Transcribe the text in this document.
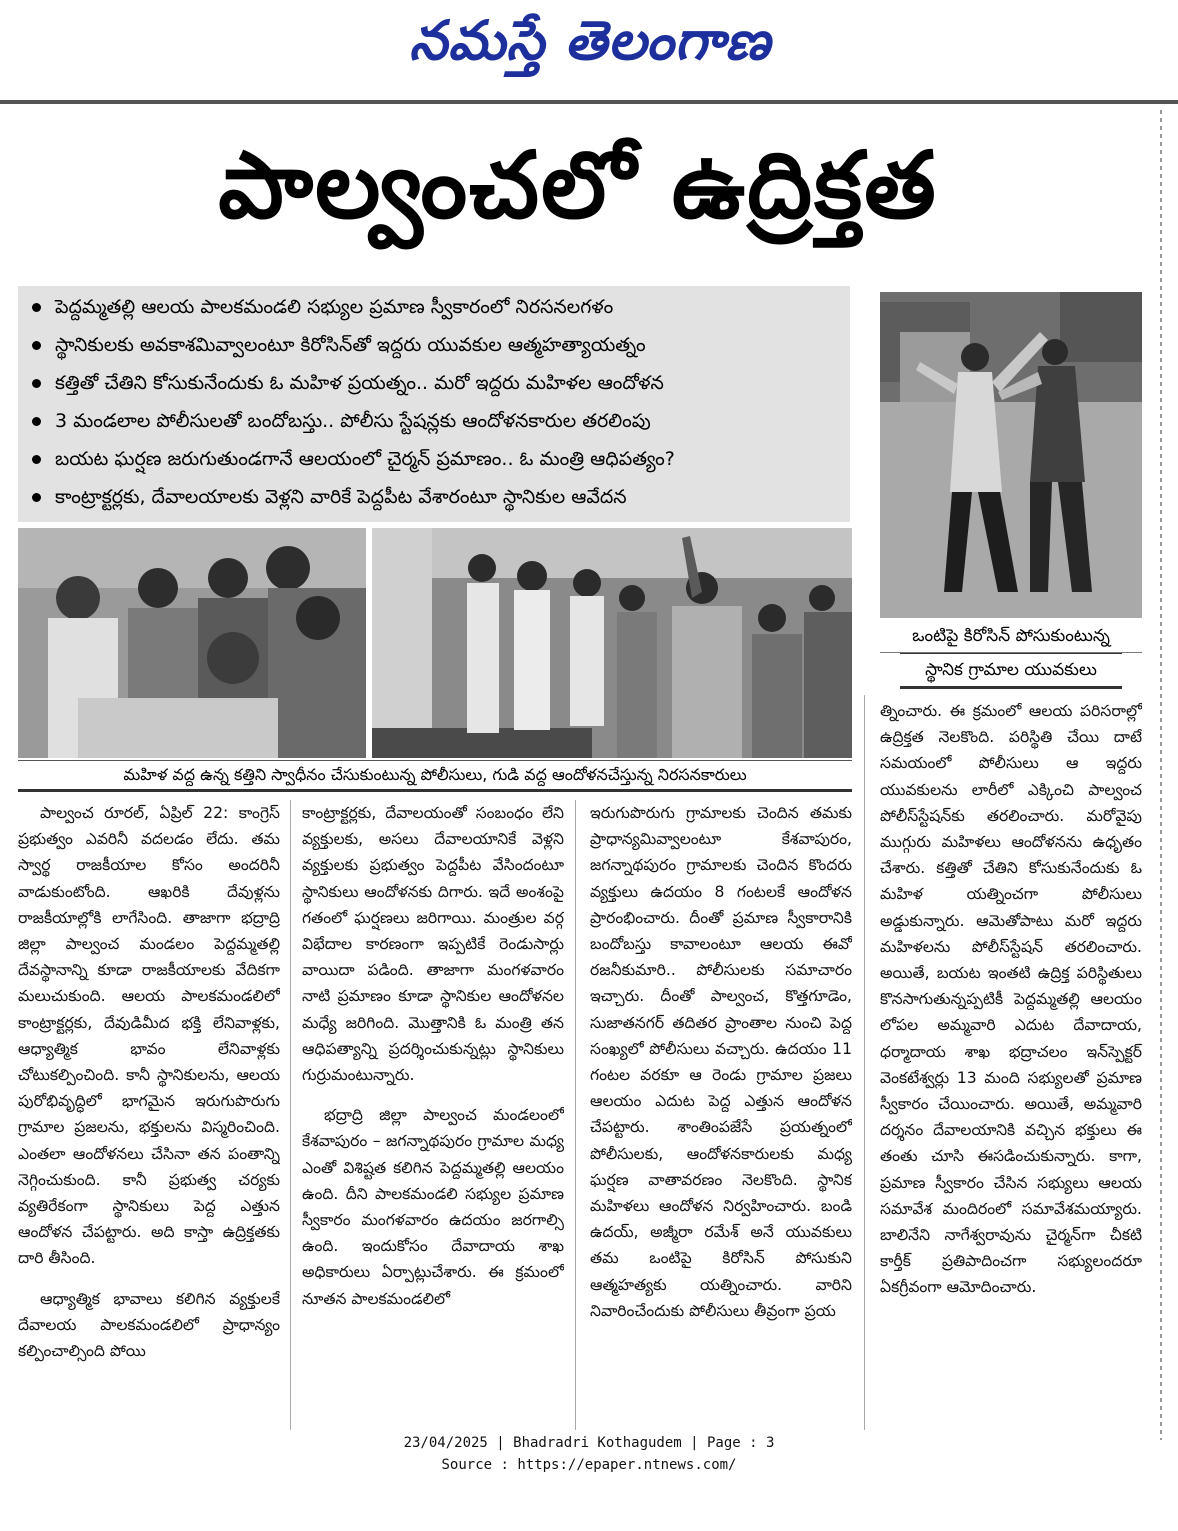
నమస్తే తెలంగాణ
పాల్వంచలో ఉద్రిక్తత
పెద్దమ్మతల్లి ఆలయ పాలకమండలి సభ్యుల ప్రమాణ స్వీకారంలో నిరసనలగళం
స్థానికులకు అవకాశమివ్వాలంటూ కిరోసిన్‌తో ఇద్దరు యువకుల ఆత్మహత్యాయత్నం
కత్తితో చేతిని కోసుకునేందుకు ఓ మహిళ ప్రయత్నం.. మరో ఇద్దరు మహిళల ఆందోళన
3 మండలాల పోలీసులతో బందోబస్తు.. పోలీసు స్టేషన్లకు ఆందోళనకారుల తరలింపు
బయట ఘర్షణ జరుగుతుండగానే ఆలయంలో చైర్మన్ ప్రమాణం.. ఓ మంత్రి ఆధిపత్యం?
కాంట్రాక్టర్లకు, దేవాలయాలకు వెళ్లని వారికే పెద్దపీట వేశారంటూ స్థానికుల ఆవేదన
ఒంటిపై కిరోసిన్ పోసుకుంటున్న
స్థానిక గ్రామాల యువకులు
మహిళ వద్ద ఉన్న కత్తిని స్వాధీనం చేసుకుంటున్న పోలీసులు, గుడి వద్ద ఆందోళనచేస్తున్న నిరసనకారులు

పాల్వంచ రూరల్, ఏప్రిల్ 22: కాంగ్రెస్ ప్రభుత్వం ఎవరినీ వదలడం లేదు. తమ స్వార్థ రాజకీయాల కోసం అందరినీ వాడుకుంటోంది. ఆఖరికి దేవుళ్లను రాజకీయాల్లోకి లాగేసింది. తాజాగా భద్రాద్రి జిల్లా పాల్వంచ మండలం పెద్దమ్మతల్లి దేవస్థానాన్ని కూడా రాజకీయాలకు వేదికగా మలుచుకుంది. ఆలయ పాలకమండలిలో కాంట్రాక్టర్లకు, దేవుడిమీద భక్తి లేనివాళ్లకు, ఆధ్యాత్మిక భావం లేనివాళ్లకు చోటుకల్పించింది. కానీ స్థానికులను, ఆలయ పురోభివృద్ధిలో భాగమైన ఇరుగుపొరుగు గ్రామాల ప్రజలను, భక్తులను విస్మరించింది. ఎంతలా ఆందోళనలు చేసినా తన పంతాన్ని నెగ్గించుకుంది. కానీ ప్రభుత్వ చర్యకు వ్యతిరేకంగా స్థానికులు పెద్ద ఎత్తున ఆందోళన చేపట్టారు. అది కాస్తా ఉద్రిక్తతకు దారి తీసింది.

ఆధ్యాత్మిక భావాలు కలిగిన వ్యక్తులకే దేవాలయ పాలకమండలిలో ప్రాధాన్యం కల్పించాల్సింది పోయి

కాంట్రాక్టర్లకు, దేవాలయంతో సంబంధం లేని వ్యక్తులకు, అసలు దేవాలయానికే వెళ్లని వ్యక్తులకు ప్రభుత్వం పెద్దపీట వేసిందంటూ స్థానికులు ఆందోళనకు దిగారు. ఇదే అంశంపై గతంలో ఘర్షణలు జరిగాయి. మంత్రుల వర్గ విభేదాల కారణంగా ఇప్పటికే రెండుసార్లు వాయిదా పడింది. తాజాగా మంగళవారం నాటి ప్రమాణం కూడా స్థానికుల ఆందోళనల మధ్యే జరిగింది. మొత్తానికి ఓ మంత్రి తన ఆధిపత్యాన్ని ప్రదర్శించుకున్నట్లు స్థానికులు గుర్రుమంటున్నారు.

భద్రాద్రి జిల్లా పాల్వంచ మండలంలో కేశవాపురం – జగన్నాథపురం గ్రామాల మధ్య ఎంతో విశిష్టత కలిగిన పెద్దమ్మతల్లి ఆలయం ఉంది. దీని పాలకమండలి సభ్యుల ప్రమాణ స్వీకారం మంగళవారం ఉదయం జరగాల్సి ఉంది. ఇందుకోసం దేవాదాయ శాఖ అధికారులు ఏర్పాట్లుచేశారు. ఈ క్రమంలో నూతన పాలకమండలిలో

ఇరుగుపొరుగు గ్రామాలకు చెందిన తమకు ప్రాధాన్యమివ్వాలంటూ కేశవాపురం, జగన్నాథపురం గ్రామాలకు చెందిన కొందరు వ్యక్తులు ఉదయం 8 గంటలకే ఆందోళన ప్రారంభించారు. దీంతో ప్రమాణ స్వీకారానికి బందోబస్తు కావాలంటూ ఆలయ ఈవో రజనీకుమారి.. పోలీసులకు సమాచారం ఇచ్చారు. దీంతో పాల్వంచ, కొత్తగూడెం, సుజాతనగర్ తదితర ప్రాంతాల నుంచి పెద్ద సంఖ్యలో పోలీసులు వచ్చారు. ఉదయం 11 గంటల వరకూ ఆ రెండు గ్రామాల ప్రజలు ఆలయం ఎదుట పెద్ద ఎత్తున ఆందోళన చేపట్టారు. శాంతింపజేసే ప్రయత్నంలో పోలీసులకు, ఆందోళనకారులకు మధ్య ఘర్షణ వాతావరణం నెలకొంది. స్థానిక మహిళలు ఆందోళన నిర్వహించారు. బండి ఉదయ్, అజ్మీరా రమేశ్ అనే యువకులు తమ ఒంటిపై కిరోసిన్ పోసుకుని ఆత్మహత్యకు యత్నించారు. వారిని నివారించేందుకు పోలీసులు తీవ్రంగా ప్రయ

త్నించారు. ఈ క్రమంలో ఆలయ పరిసరాల్లో ఉద్రిక్తత నెలకొంది. పరిస్థితి చేయి దాటే సమయంలో పోలీసులు ఆ ఇద్దరు యువకులను లారీలో ఎక్కించి పాల్వంచ పోలీస్‌స్టేషన్‌కు తరలించారు. మరోవైపు ముగ్గురు మహిళలు ఆందోళనను ఉధృతం చేశారు. కత్తితో చేతిని కోసుకునేందుకు ఓ మహిళ యత్నించగా పోలీసులు అడ్డుకున్నారు. ఆమెతోపాటు మరో ఇద్దరు మహిళలను పోలీస్‌స్టేషన్ తరలించారు. అయితే, బయట ఇంతటి ఉద్రిక్త పరిస్థితులు కొనసాగుతున్నప్పటికీ పెద్దమ్మతల్లి ఆలయం లోపల అమ్మవారి ఎదుట దేవాదాయ, ధర్మాదాయ శాఖ భద్రాచలం ఇన్‌స్పెక్టర్ వెంకటేశ్వర్లు 13 మంది సభ్యులతో ప్రమాణ స్వీకారం చేయించారు. అయితే, అమ్మవారి దర్శనం దేవాలయానికి వచ్చిన భక్తులు ఈ తంతు చూసి ఈసడించుకున్నారు. కాగా, ప్రమాణ స్వీకారం చేసిన సభ్యులు ఆలయ సమావేశ మందిరంలో సమావేశమయ్యారు. బాలినేని నాగేశ్వరావును చైర్మన్‌గా చీకటి కార్తీక్ ప్రతిపాదించగా సభ్యులందరూ ఏకగ్రీవంగా ఆమోదించారు.

23/04/2025 | Bhadradri Kothagudem | Page : 3
Source : https://epaper.ntnews.com/
